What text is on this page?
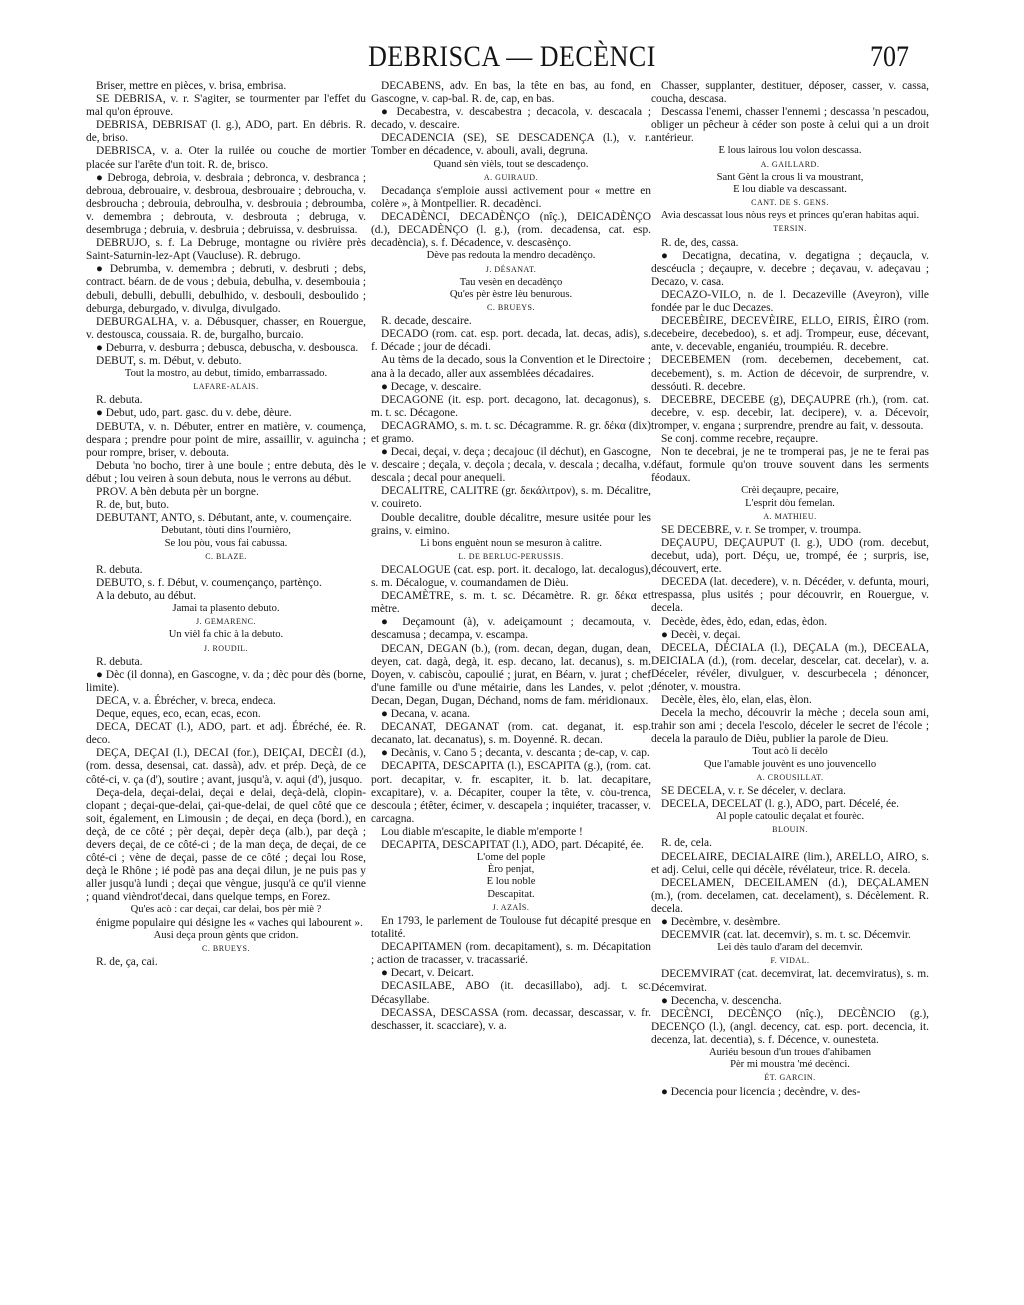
DEBRISCA — DECÈNCI	707

Briser, mettre en pièces, v. brisa, embrisa.

SE DEBRISA, v. r. S'agiter, se tourmenter par l'effet du mal qu'on éprouve.

DEBRISA, DEBRISAT (l. g.), ADO, part. En débris. R. de, briso.

DEBRISCA, v. a. Oter la ruilée ou couche de mortier placée sur l'arête d'un toit. R. de, brisco.

● Debroga, debroia, v. desbraia ; debronca, v. desbranca ; debroua, debrouaire, v. desbroua, desbrouaire ; debroucha, v. desbroucha ; debrouia, debroulha, v. desbrouia ; debroumba, v. demembra ; debrouta, v. desbrouta ; debruga, v. desembruga ; debruia, v. desbruia ; debruissa, v. desbruissa.

DEBRUJO, s. f. La Debruge, montagne ou rivière près Saint-Saturnin-lez-Apt (Vaucluse). R. debrugo.

● Debrumba, v. demembra ; debruti, v. desbruti ; debs, contract. béarn. de de vous ; debuia, debulha, v. desembouia ; debuli, debulli, debulli, debulhido, v. desbouli, desboulido ; deburga, deburgado, v. divulga, divulgado.

DEBURGALHA, v. a. Débusquer, chasser, en Rouergue, v. destousca, coussaia. R. de, burgalho, burcaio.

● Deburra, v. desburra ; debusca, debuscha, v. desbousca.

DEBUT, s. m. Début, v. debuto.

Tout la mostro, au debut, timido, embarrassado.

LAFARE-ALAIS.

R. debuta.

● Debut, udo, part. gasc. du v. debe, dèure.

DEBUTA, v. n. Débuter, entrer en matière, v. coumença, despara ; prendre pour point de mire, assaillir, v. aguincha ; pour rompre, briser, v. debouta.

Debuta 'no bocho, tirer à une boule ; entre debuta, dès le début ; lou veiren à soun debuta, nous le verrons au début.

PROV. A bèn debuta pèr un borgne.

R. de, but, buto.

DEBUTANT, ANTO, s. Débutant, ante, v. coumençaire.

Debutant, tòuti dins l'ournièro,

Se lou pòu, vous fai cabussa.

C. BLAZE.

R. debuta.

DEBUTO, s. f. Début, v. coumençanço, partènço.

A la debuto, au début.

Jamai ta plasento debuto.

J. GEMARENC.

Un vièl fa chic à la debuto.

J. ROUDIL.

R. debuta.

● Dèc (il donna), en Gascogne, v. da ; dèc pour dès (borne, limite).

DECA, v. a. Ébrécher, v. breca, endeca.

Deque, eques, eco, ecan, ecas, econ.

DECA, DECAT (l.), ADO, part. et adj. Ébréché, ée. R. deco.

DEÇA, DEÇAI (l.), DECAI (for.), DEIÇAI, DECÈI (d.), (rom. dessa, desensai, cat. dassà), adv. et prép. Deçà, de ce côté-ci, v. ça (d'), soutire ; avant, jusqu'à, v. aqui (d'), jusquo.

Deça-dela, deçai-delai, deçai e delai, deçà-delà, clopin-clopant ; deçai-que-delai, çai-que-delai, de quel côté que ce soit, également, en Limousin ; de deçai, en deça (bord.), en deçà, de ce côté ; pèr deçai, depèr deça (alb.), par deçà ; devers deçai, de ce côté-ci ; de la man deça, de deçai, de ce côté-ci ; vène de deçai, passe de ce côté ; deçai lou Rose, deçà le Rhône ; ié podè pas ana deçai dilun, je ne puis pas y aller jusqu'à lundi ; deçai que vèngue, jusqu'à ce qu'il vienne ; quand vièndrot'decai, dans quelque temps, en Forez.

Qu'es acò : car deçai, car delai, bos pèr miè ?

énigme populaire qui désigne les « vaches qui labourent ».

Ausi deça proun gènts que cridon.

C. BRUEYS.

R. de, ça, cai.

DECABENS, adv. En bas, la tête en bas, au fond, en Gascogne, v. cap-bal. R. de, cap, en bas.

● Decabestra, v. descabestra ; decacola, v. descacala ; decado, v. descaire.

DECADENCIA (SE), SE DESCADENÇA (l.), v. r. Tomber en décadence, v. abouli, avali, degruna.

Quand sèn vièls, tout se descadenço.

A. GUIRAUD.

Decadança s'emploie aussi activement pour « mettre en colère », à Montpellier. R. decadènci.

DECADÈNCI, DECADÈNÇO (nîç.), DEICADÈNÇO (d.), DECADÈNÇO (l. g.), (rom. decadensa, cat. esp. decadència), s. f. Décadence, v. descasènço.

Dève pas redouta la mendro decadènço.

J. DÉSANAT.

Tau vesèn en decadènço

Qu'es pèr èstre lèu benurous.

C. BRUEYS.

R. decade, descaire.

DECADO (rom. cat. esp. port. decada, lat. decas, adis), s. f. Décade ; jour de décadi.

Au tèms de la decado, sous la Convention et le Directoire ; ana à la decado, aller aux assemblées décadaires.

● Decage, v. descaire.

DECAGONE (it. esp. port. decagono, lat. decagonus), s. m. t. sc. Décagone.

DECAGRAMO, s. m. t. sc. Décagramme. R. gr. δέκα (dix) et gramo.

● Decai, deçai, v. deça ; decajouc (il déchut), en Gascogne, v. descaire ; deçala, v. deçola ; decala, v. descala ; decalha, v. descala ; decal pour anequeli.

DECALITRE, CALITRE (gr. δεκάλιτρον), s. m. Décalitre, v. couireto.

Double decalitre, double décalitre, mesure usitée pour les grains, v. eimino.

Li bons enguènt noun se mesuron à calitre.

L. DE BERLUC-PERUSSIS.

DECALOGUE (cat. esp. port. it. decalogo, lat. decalogus), s. m. Décalogue, v. coumandamen de Dièu.

DECAMÈTRE, s. m. t. sc. Décamètre. R. gr. δέκα et mètre.

● Deçamount (à), v. adeiçamount ; decamouta, v. descamusa ; decampa, v. escampa.

DECAN, DEGAN (b.), (rom. decan, degan, dugan, dean, deyen, cat. dagà, degà, it. esp. decano, lat. decanus), s. m. Doyen, v. cabiscòu, capoulié ; jurat, en Béarn, v. jurat ; chef d'une famille ou d'une métairie, dans les Landes, v. pelot ; Decan, Degan, Dugan, Déchand, noms de fam. méridionaux.

● Decana, v. acana.

DECANAT, DEGANAT (rom. cat. deganat, it. esp. decanato, lat. decanatus), s. m. Doyenné. R. decan.

● Decànis, v. Cano 5 ; decanta, v. descanta ; de-cap, v. cap.

DECAPITA, DESCAPITA (l.), ESCAPITA (g.), (rom. cat. port. decapitar, v. fr. escapiter, it. b. lat. decapitare, excapitare), v. a. Décapiter, couper la tête, v. còu-trenca, descoula ; étêter, écimer, v. descapela ; inquiéter, tracasser, v. carcagna.

Lou diable m'escapite, le diable m'emporte !

DECAPITA, DESCAPITAT (l.), ADO, part. Décapité, ée.

L'ome del pople

Èro penjat,

E lou noble

Descapitat.

J. AZAÏS.

En 1793, le parlement de Toulouse fut décapité presque en totalité.

DECAPITAMEN (rom. decapitament), s. m. Décapitation ; action de tracasser, v. tracassarié.

● Decart, v. Deicart.

DECASILABE, ABO (it. decasillabo), adj. t. sc. Décasyllabe.

DECASSA, DESCASSA (rom. decassar, descassar, v. fr. deschasser, it. scacciare), v. a.

Chasser, supplanter, destituer, déposer, casser, v. cassa, coucha, descasa.

Descassa l'enemi, chasser l'ennemi ; descassa 'n pescadou, obliger un pêcheur à céder son poste à celui qui a un droit antérieur.

E lous lairous lou volon descassa.

A. GAILLARD.

Sant Gènt la crous li va moustrant,

E lou diable va descassant.

CANT. DE S. GENS.

Avia descassat lous nòus reys et princes qu'eran habitas aqui.

TERSIN.

R. de, des, cassa.

● Decatigna, decatina, v. degatigna ; deçaucla, v. descéucla ; deçaupre, v. decebre ; deçavau, v. adeçavau ; Decazo, v. casa.

DECAZO-VILO, n. de l. Decazeville (Aveyron), ville fondée par le duc Decazes.

DECEBÈIRE, DECEVÈIRE, ELLO, EIRIS, ÈIRO (rom. decebeire, decebedoo), s. et adj. Trompeur, euse, décevant, ante, v. decevable, enganiéu, troumpiéu. R. decebre.

DECEBEMEN (rom. decebemen, decebement, cat. decebement), s. m. Action de décevoir, de surprendre, v. dessóuti. R. decebre.

DECEBRE, DECEBE (g), DEÇAUPRE (rh.), (rom. cat. decebre, v. esp. decebir, lat. decipere), v. a. Décevoir, tromper, v. engana ; surprendre, prendre au fait, v. dessouta.

Se conj. comme recebre, reçaupre.

Non te decebrai, je ne te tromperai pas, je ne te ferai pas défaut, formule qu'on trouve souvent dans les serments féodaux.

Crèi deçaupre, pecaire,

L'esprit dòu femelan.

A. MATHIEU.

SE DECEBRE, v. r. Se tromper, v. troumpa.

DEÇAUPU, DEÇAUPUT (l. g.), UDO (rom. decebut, decebut, uda), port. Déçu, ue, trompé, ée ; surpris, ise, découvert, erte.

DECEDA (lat. decedere), v. n. Décéder, v. defunta, mouri, trespassa, plus usités ; pour découvrir, en Rouergue, v. decela.

Decède, èdes, èdo, edan, edas, èdon.

● Decèi, v. deçai.

DECELA, DÉCIALA (l.), DEÇALA (m.), DECEALA, DEICIALA (d.), (rom. decelar, descelar, cat. decelar), v. a. Déceler, révéler, divulguer, v. descurbecela ; dénoncer, dénoter, v. moustra.

Decèle, èles, èlo, elan, elas, èlon.

Decela la mecho, découvrir la mèche ; decela soun ami, trahir son ami ; decela l'escolo, déceler le secret de l'école ; decela la paraulo de Dièu, publier la parole de Dieu.

Tout acò li decèlo

Que l'amable jouvènt es uno jouvencello

A. CROUSILLAT.

SE DECELA, v. r. Se déceler, v. declara.

DECELA, DECELAT (l. g.), ADO, part. Décelé, ée.

Al pople catoulic deçalat et fourèc.

BLOUIN.

R. de, cela.

DECELAIRE, DECIALAIRE (lim.), ARELLO, AIRO, s. et adj. Celui, celle qui décèle, révélateur, trice. R. decela.

DECELAMEN, DECEILAMEN (d.), DEÇALAMEN (m.), (rom. decelamen, cat. decelament), s. Décèlement. R. decela.

● Decèmbre, v. desèmbre.

DECEMVIR (cat. lat. decemvir), s. m. t. sc. Décemvir.

Lei dès taulo d'aram del decemvir.

F. VIDAL.

DECEMVIRAT (cat. decemvirat, lat. decemviratus), s. m. Décemvirat.

● Decencha, v. descencha.

DECÈNCI, DECÈNÇO (nîç.), DECÈNCIO (g.), DECENÇO (l.), (angl. decency, cat. esp. port. decencia, it. decenza, lat. decentia), s. f. Décence, v. ounesteta.

Auriéu besoun d'un troues d'ahibamen

Pèr mi moustra 'mé decènci.

ÉT. GARCIN.

● Decencia pour licencia ; decèndre, v. des-
